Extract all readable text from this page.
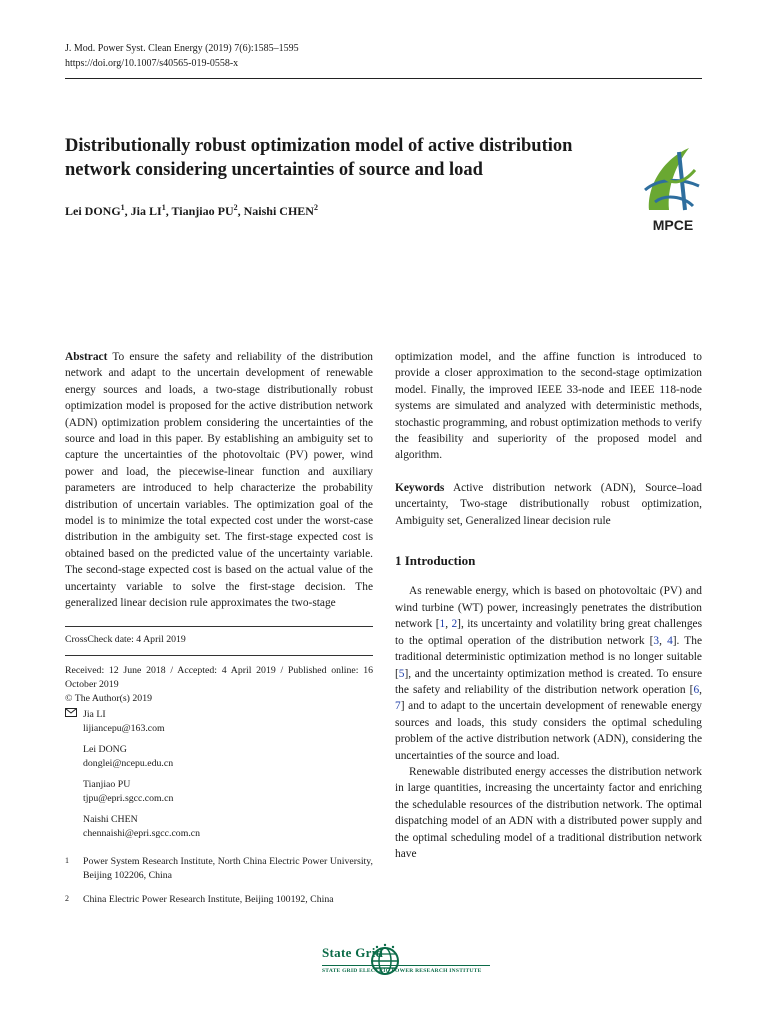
J. Mod. Power Syst. Clean Energy (2019) 7(6):1585–1595
https://doi.org/10.1007/s40565-019-0558-x
Distributionally robust optimization model of active distribution
network considering uncertainties of source and load
Lei DONG$^1$, Jia $LI^1$, Tianjiao $PU^2$, Naishi CHEN$^2$
MPCE
Abstract To ensure the safety and reliability of the distribution network and adapt to the uncertain development of renewable energy sources and loads, a two-stage distributionally robust optimization model is proposed for the active distribution network (ADN) optimization problem considering the uncertainties of the source and load in this paper. By establishing an ambiguity set to capture the uncertainties of the photovoltaic (PV) power, wind power and load, the piecewise-linear function and auxiliary parameters are introduced to help characterize the probability distribution of uncertain variables. The optimization goal of the model is to minimize the total expected cost under the worst-case distribution in the ambiguity set. The first-stage expected cost is obtained based on the predicted value of the uncertainty variable. The second-stage expected cost is based on the actual value of the uncertainty variable to solve the first-stage decision. The generalized linear decision rule approximates the two-stage
CrossCheck date: 4 April 2019
Received: 12 June 2018 / Accepted: 4 April 2019 / Published online: 16 October 2019
© The Author(s) 2019
Jia LI
lijiancepu@163.com
Lei DONG
donglei@ncepu.edu.cn
Tianjiao PU
tjpu@epri.sgcc.com.cn
Naishi CHEN
chennaishi@epri.sgcc.com.cn
1	Power System Research Institute, North China Electric Power University, Beijing 102206, China
2	China Electric Power Research Institute, Beijing 100192, China
optimization model, and the affine function is introduced to provide a closer approximation to the second-stage optimization model. Finally, the improved IEEE 33-node and IEEE 118-node systems are simulated and analyzed with deterministic methods, stochastic programming, and robust optimization methods to verify the feasibility and superiority of the proposed model and algorithm.
Keywords Active distribution network (ADN), Source–load uncertainty, Two-stage distributionally robust optimization, Ambiguity set, Generalized linear decision rule
1 Introduction
As renewable energy, which is based on photovoltaic (PV) and wind turbine (WT) power, increasingly penetrates the distribution network [1, 2], its uncertainty and volatility bring great challenges to the optimal operation of the distribution network [3, 4]. The traditional deterministic optimization method is no longer suitable [5], and the uncertainty optimization method is created. To ensure the safety and reliability of the distribution network operation [6, 7] and to adapt to the uncertain development of renewable energy sources and loads, this study considers the optimal scheduling problem of the active distribution network (ADN), considering the uncertainties of the source and load.
Renewable distributed energy accesses the distribution network in large quantities, increasing the uncertainty factor and enriching the schedulable resources of the distribution network. The optimal dispatching model of an ADN with a distributed power supply and the optimal scheduling model of a traditional distribution network have
State Grid
STATE GRID ELECTRIC POWER RESEARCH INSTITUTE
